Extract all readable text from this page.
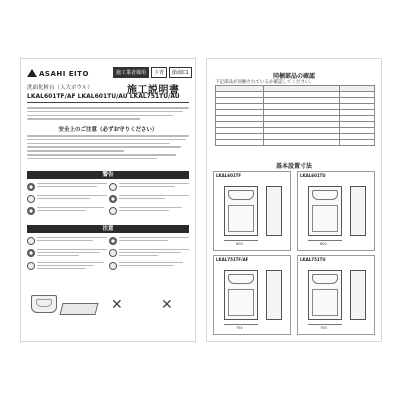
ASAHI EITO	施工業者様用	ド青	節湯C1
洗面化粧台（人大ボウル）	施工説明書
LKAL601TF/AF LKAL601TU/AU LKAL751TU/AU
安全上のご注意（必ずお守りください）
警告
注意
✕	✕
同梱部品の確認
下記部品が同梱されているか確認してください。

基本設置寸法
LKAL601TF
600
LKAL601TU
600
LKAL751TF/AF
750
LKAL751TU
750
